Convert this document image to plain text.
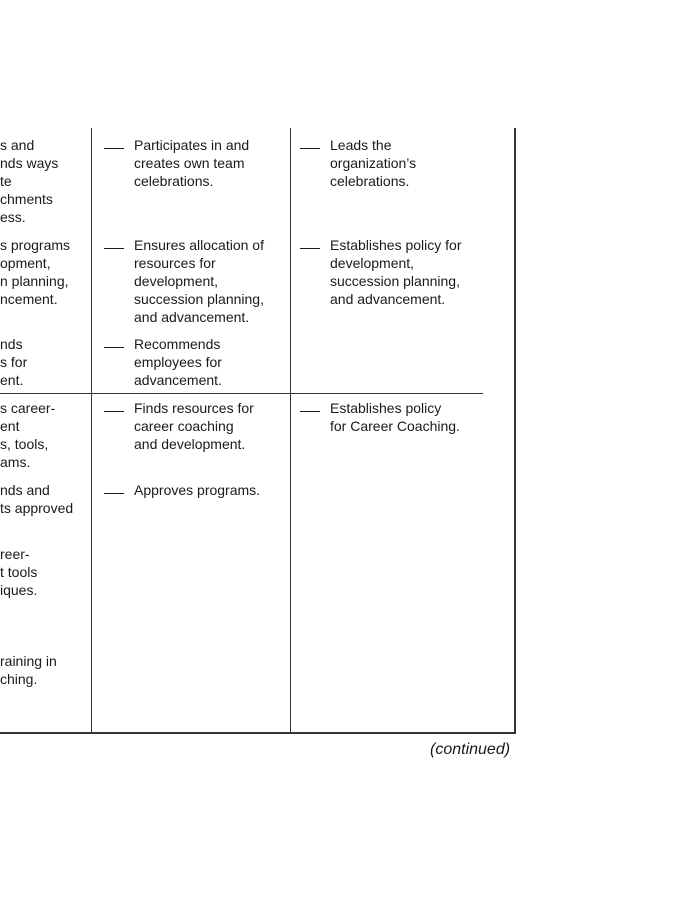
s and
nds ways
te
chments
ess.
s programs
opment,
n planning,
ncement.
nds
s for
ent.
s career-
ent
s, tools,
ams.
nds and
ts approved
reer-
t tools
iques.
raining in
ching.
Participates in and
creates own team
celebrations.
Ensures allocation of
resources for
development,
succession planning,
and advancement.
Recommends
employees for
advancement.
Finds resources for
career coaching
and development.
Approves programs.
Leads the
organization’s
celebrations.
Establishes policy for
development,
succession planning,
and advancement.
Establishes policy
for Career Coaching.
(continued)
